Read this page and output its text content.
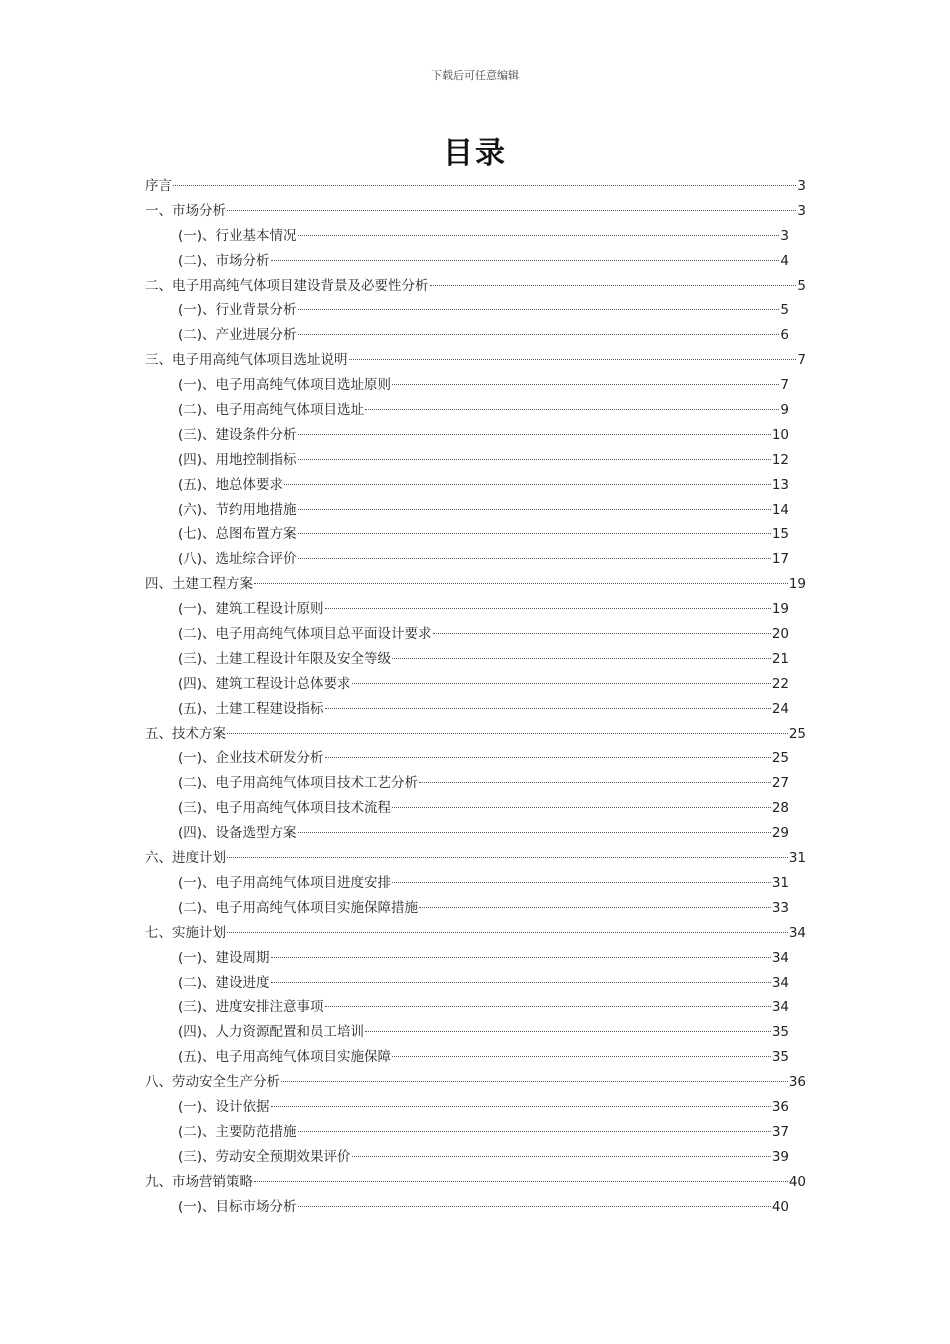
下载后可任意编辑
目录
序言	3
一、市场分析	3
(一)、行业基本情况	3
(二)、市场分析	4
二、电子用高纯气体项目建设背景及必要性分析	5
(一)、行业背景分析	5
(二)、产业进展分析	6
三、电子用高纯气体项目选址说明	7
(一)、电子用高纯气体项目选址原则	7
(二)、电子用高纯气体项目选址	9
(三)、建设条件分析	10
(四)、用地控制指标	12
(五)、地总体要求	13
(六)、节约用地措施	14
(七)、总图布置方案	15
(八)、选址综合评价	17
四、土建工程方案	19
(一)、建筑工程设计原则	19
(二)、电子用高纯气体项目总平面设计要求	20
(三)、土建工程设计年限及安全等级	21
(四)、建筑工程设计总体要求	22
(五)、土建工程建设指标	24
五、技术方案	25
(一)、企业技术研发分析	25
(二)、电子用高纯气体项目技术工艺分析	27
(三)、电子用高纯气体项目技术流程	28
(四)、设备选型方案	29
六、进度计划	31
(一)、电子用高纯气体项目进度安排	31
(二)、电子用高纯气体项目实施保障措施	33
七、实施计划	34
(一)、建设周期	34
(二)、建设进度	34
(三)、进度安排注意事项	34
(四)、人力资源配置和员工培训	35
(五)、电子用高纯气体项目实施保障	35
八、劳动安全生产分析	36
(一)、设计依据	36
(二)、主要防范措施	37
(三)、劳动安全预期效果评价	39
九、市场营销策略	40
(一)、目标市场分析	40
